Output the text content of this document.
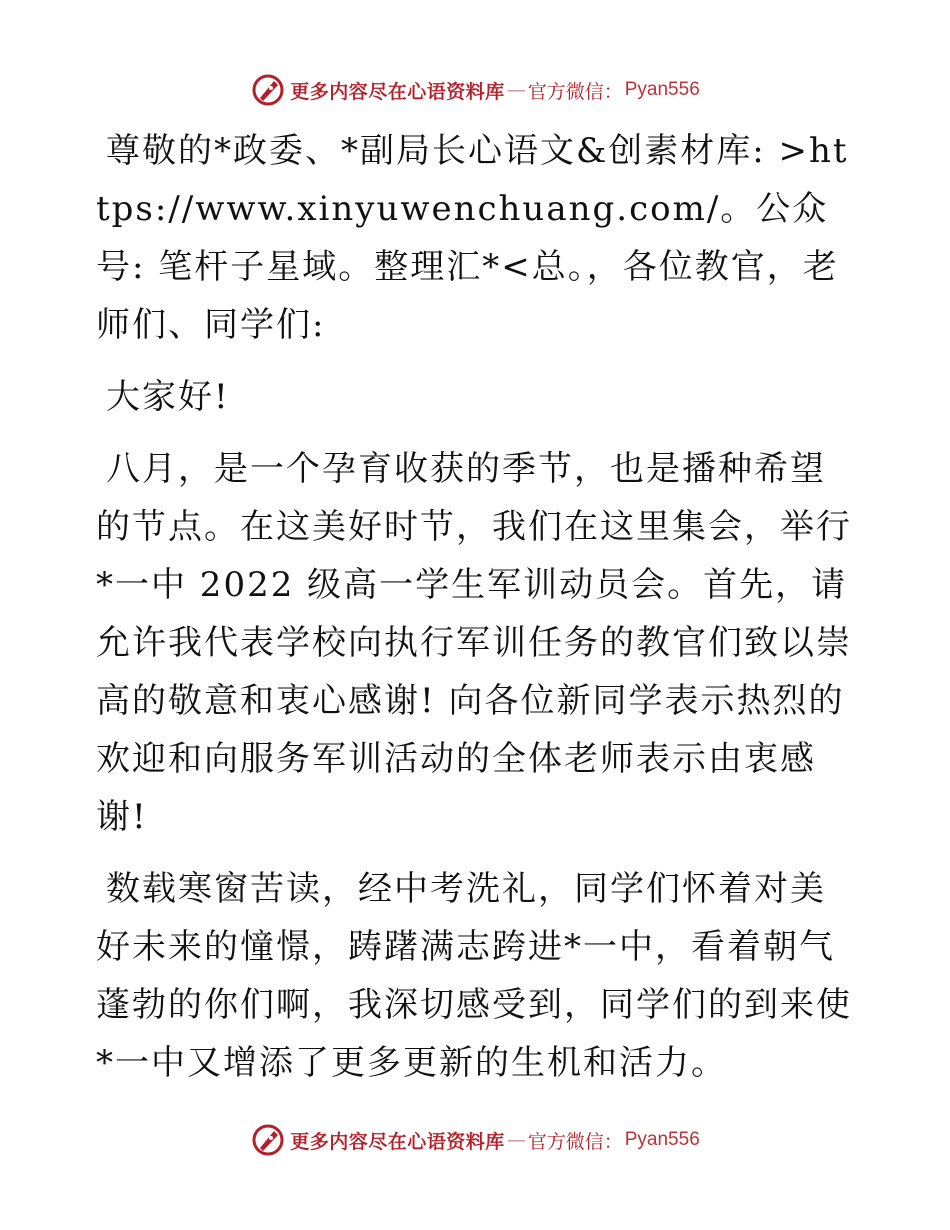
更多内容尽在心语资料库 — 官方微信： Pyan556

尊敬的*政委、*副局长心语文&创素材库: >https://www.xinyuwenchuang.com/。公众号: 笔杆子星域。整理汇*<总。，各位教官，老师们、同学们:

大家好!

八月，是一个孕育收获的季节，也是播种希望的节点。在这美好时节，我们在这里集会，举行*一中 2022 级高一学生军训动员会。首先，请允许我代表学校向执行军训任务的教官们致以崇高的敬意和衷心感谢! 向各位新同学表示热烈的欢迎和向服务军训活动的全体老师表示由衷感谢!

数载寒窗苦读，经中考洗礼，同学们怀着对美好未来的憧憬，踌躇满志跨进*一中，看着朝气蓬勃的你们啊，我深切感受到，同学们的到来使*一中又增添了更多更新的生机和活力。

更多内容尽在心语资料库 — 官方微信： Pyan556
